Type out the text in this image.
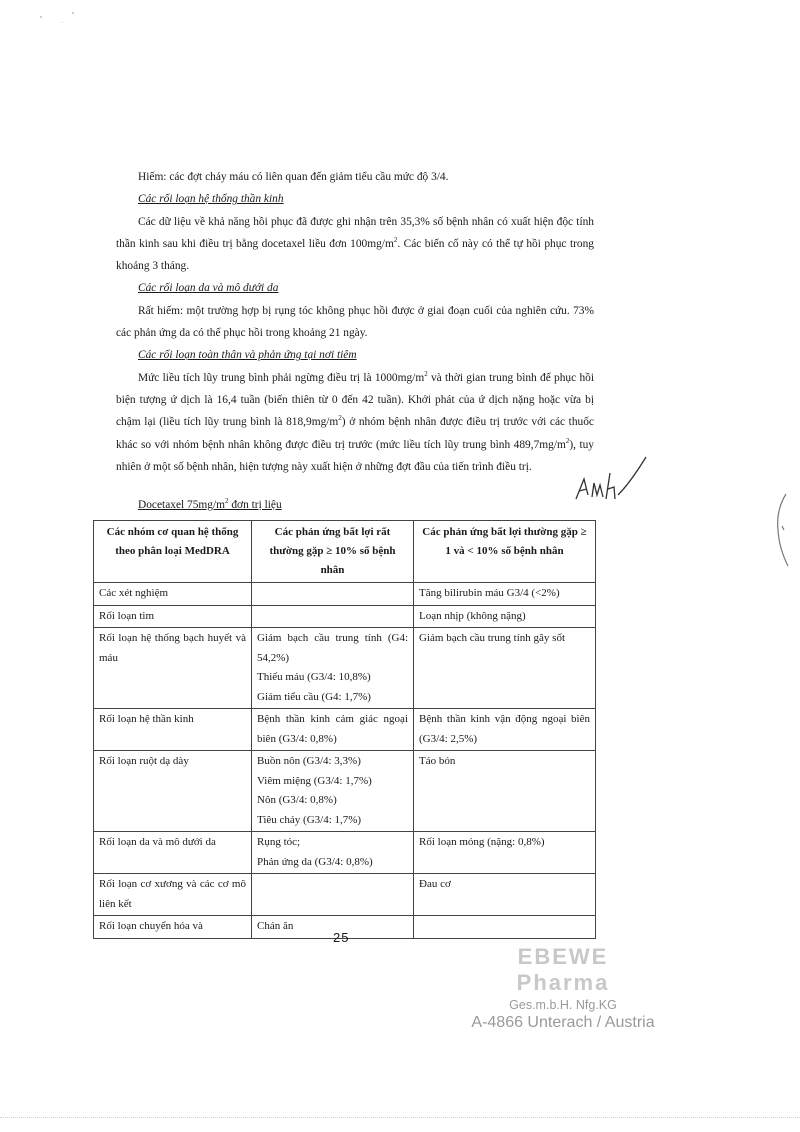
Hiếm: các đợt chảy máu có liên quan đến giảm tiểu cầu mức độ 3/4.

Các rối loạn hệ thống thần kinh

Các dữ liệu về khả năng hồi phục đã được ghi nhận trên 35,3% số bệnh nhân có xuất hiện độc tính thần kinh sau khi điều trị bằng docetaxel liều đơn $100mg/m^2$. Các biến cố này có thể tự hồi phục trong khoảng 3 tháng.

Các rối loạn da và mô dưới da

Rất hiếm: một trường hợp bị rụng tóc không phục hồi được ở giai đoạn cuối của nghiên cứu. 73% các phản ứng da có thể phục hồi trong khoảng 21 ngày.

Các rối loạn toàn thân và phản ứng tại nơi tiêm

Mức liều tích lũy trung bình phải ngừng điều trị là $1000mg/m^2$ và thời gian trung bình để phục hồi biện tượng ứ dịch là 16,4 tuần (biến thiên từ 0 đến 42 tuần). Khởi phát của ứ dịch nặng hoặc vừa bị chậm lại (liều tích lũy trung bình là $818,9mg/m^2$) ở nhóm bệnh nhân được điều trị trước với các thuốc khác so với nhóm bệnh nhân không được điều trị trước (mức liều tích lũy trung bình $489,7mg/m^2$), tuy nhiên ở một số bệnh nhân, hiện tượng này xuất hiện ở những đợt đầu của tiến trình điều trị.

Docetaxel $75mg/m^2$ đơn trị liệu
Các nhóm cơ quan hệ thống theo phân loại MedDRA	Các phản ứng bất lợi rất thường gặp ≥ 10% số bệnh nhân	Các phản ứng bất lợi thường gặp ≥ 1 và < 10% số bệnh nhân
Các xét nghiệm		Tăng bilirubin máu G3/4 (<2%)

Rối loạn tim		Loạn nhịp (không nặng)

Rối loạn hệ thống bạch huyết và máu	Giảm bạch cầu trung tính (G4: 54,2%)
Thiếu máu (G3/4: 10,8%)
Giảm tiểu cầu (G4: 1,7%)	Giảm bạch cầu trung tính gây sốt

Rối loạn hệ thần kinh	Bệnh thần kinh cảm giác ngoại biên (G3/4: 0,8%)	Bệnh thần kinh vận động ngoại biên (G3/4: 2,5%)

Rối loạn ruột dạ dày	Buồn nôn (G3/4: 3,3%)
Viêm miệng (G3/4: 1,7%)
Nôn (G3/4: 0,8%)
Tiêu chảy (G3/4: 1,7%)	Táo bón

Rối loạn da và mô dưới da	Rụng tóc;
Phản ứng da (G3/4: 0,8%)	Rối loạn móng (nặng: 0,8%)

Rối loạn cơ xương và các cơ mô liên kết		Đau cơ

Rối loạn chuyển hóa và	Chán ăn	

25
EBEWE Pharma
Ges.m.b.H. Nfg.KG
A-4866 Unterach / Austria
